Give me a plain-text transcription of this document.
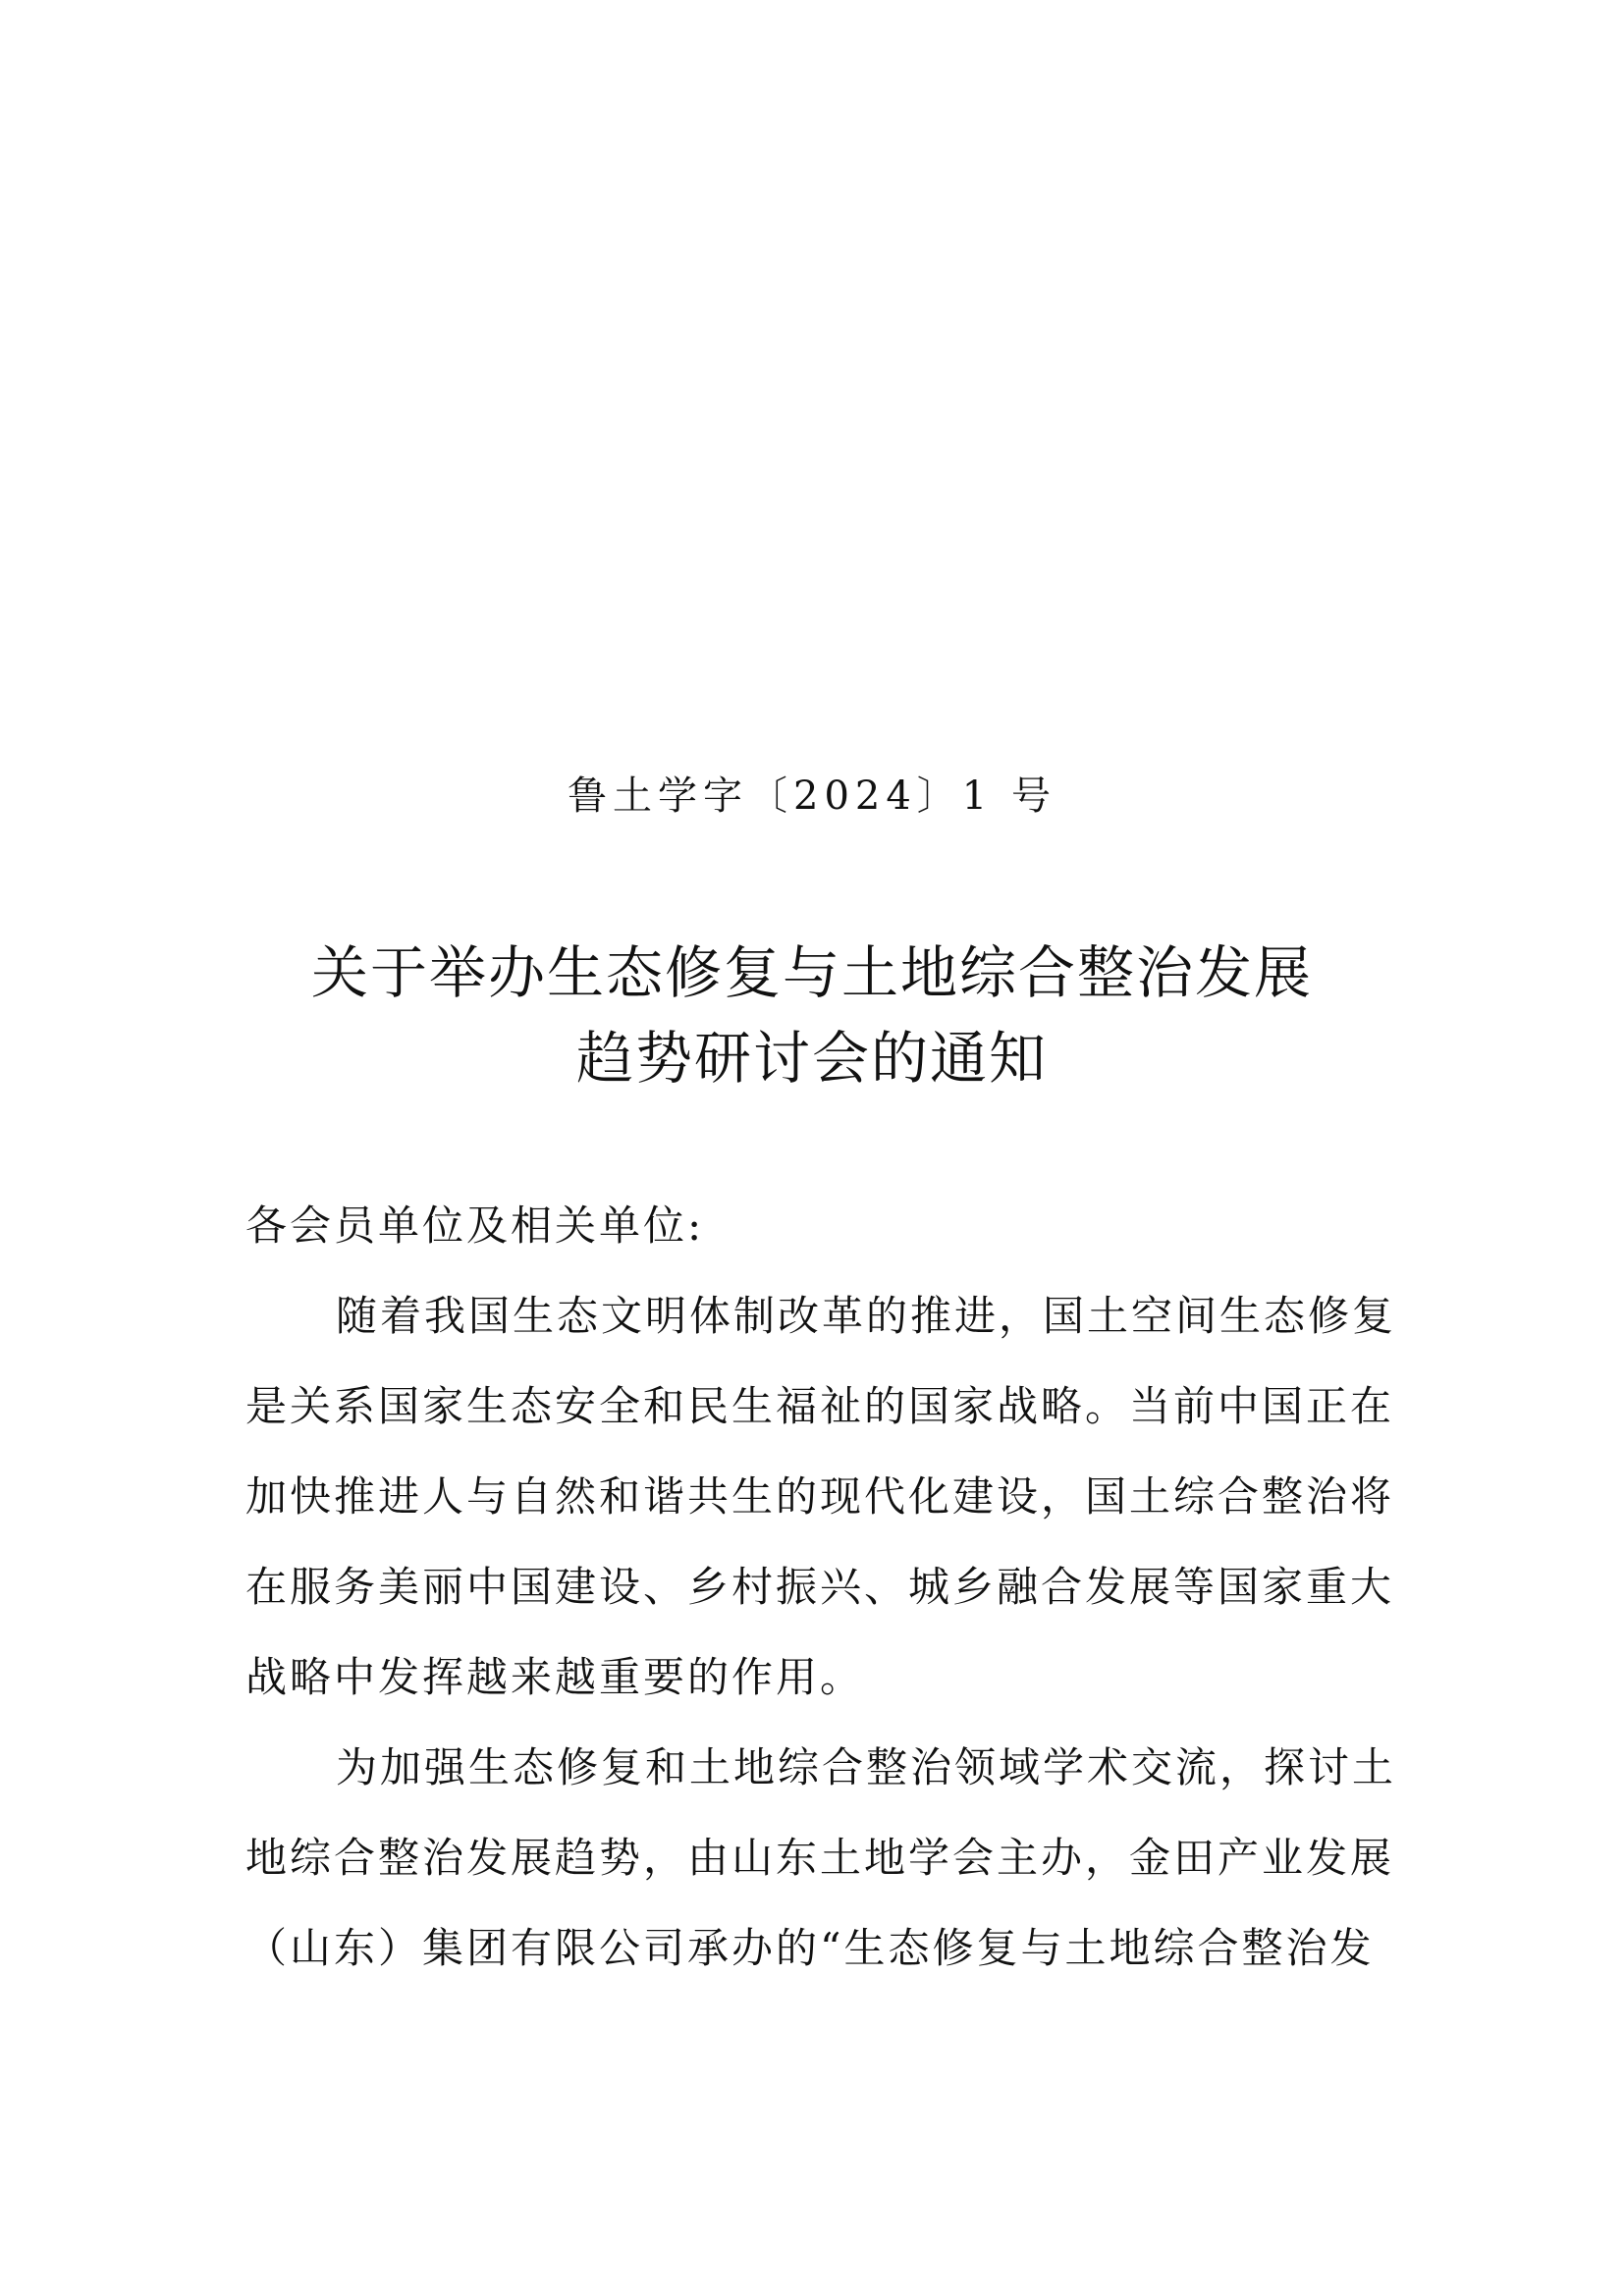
鲁土学字〔2024〕1 号
关于举办生态修复与土地综合整治发展
趋势研讨会的通知
各会员单位及相关单位:
随着我国生态文明体制改革的推进，国土空间生态修复
是关系国家生态安全和民生福祉的国家战略。当前中国正在
加快推进人与自然和谐共生的现代化建设，国土综合整治将
在服务美丽中国建设、乡村振兴、城乡融合发展等国家重大
战略中发挥越来越重要的作用。
为加强生态修复和土地综合整治领域学术交流，探讨土
地综合整治发展趋势，由山东土地学会主办，金田产业发展
（山东）集团有限公司承办的“生态修复与土地综合整治发
